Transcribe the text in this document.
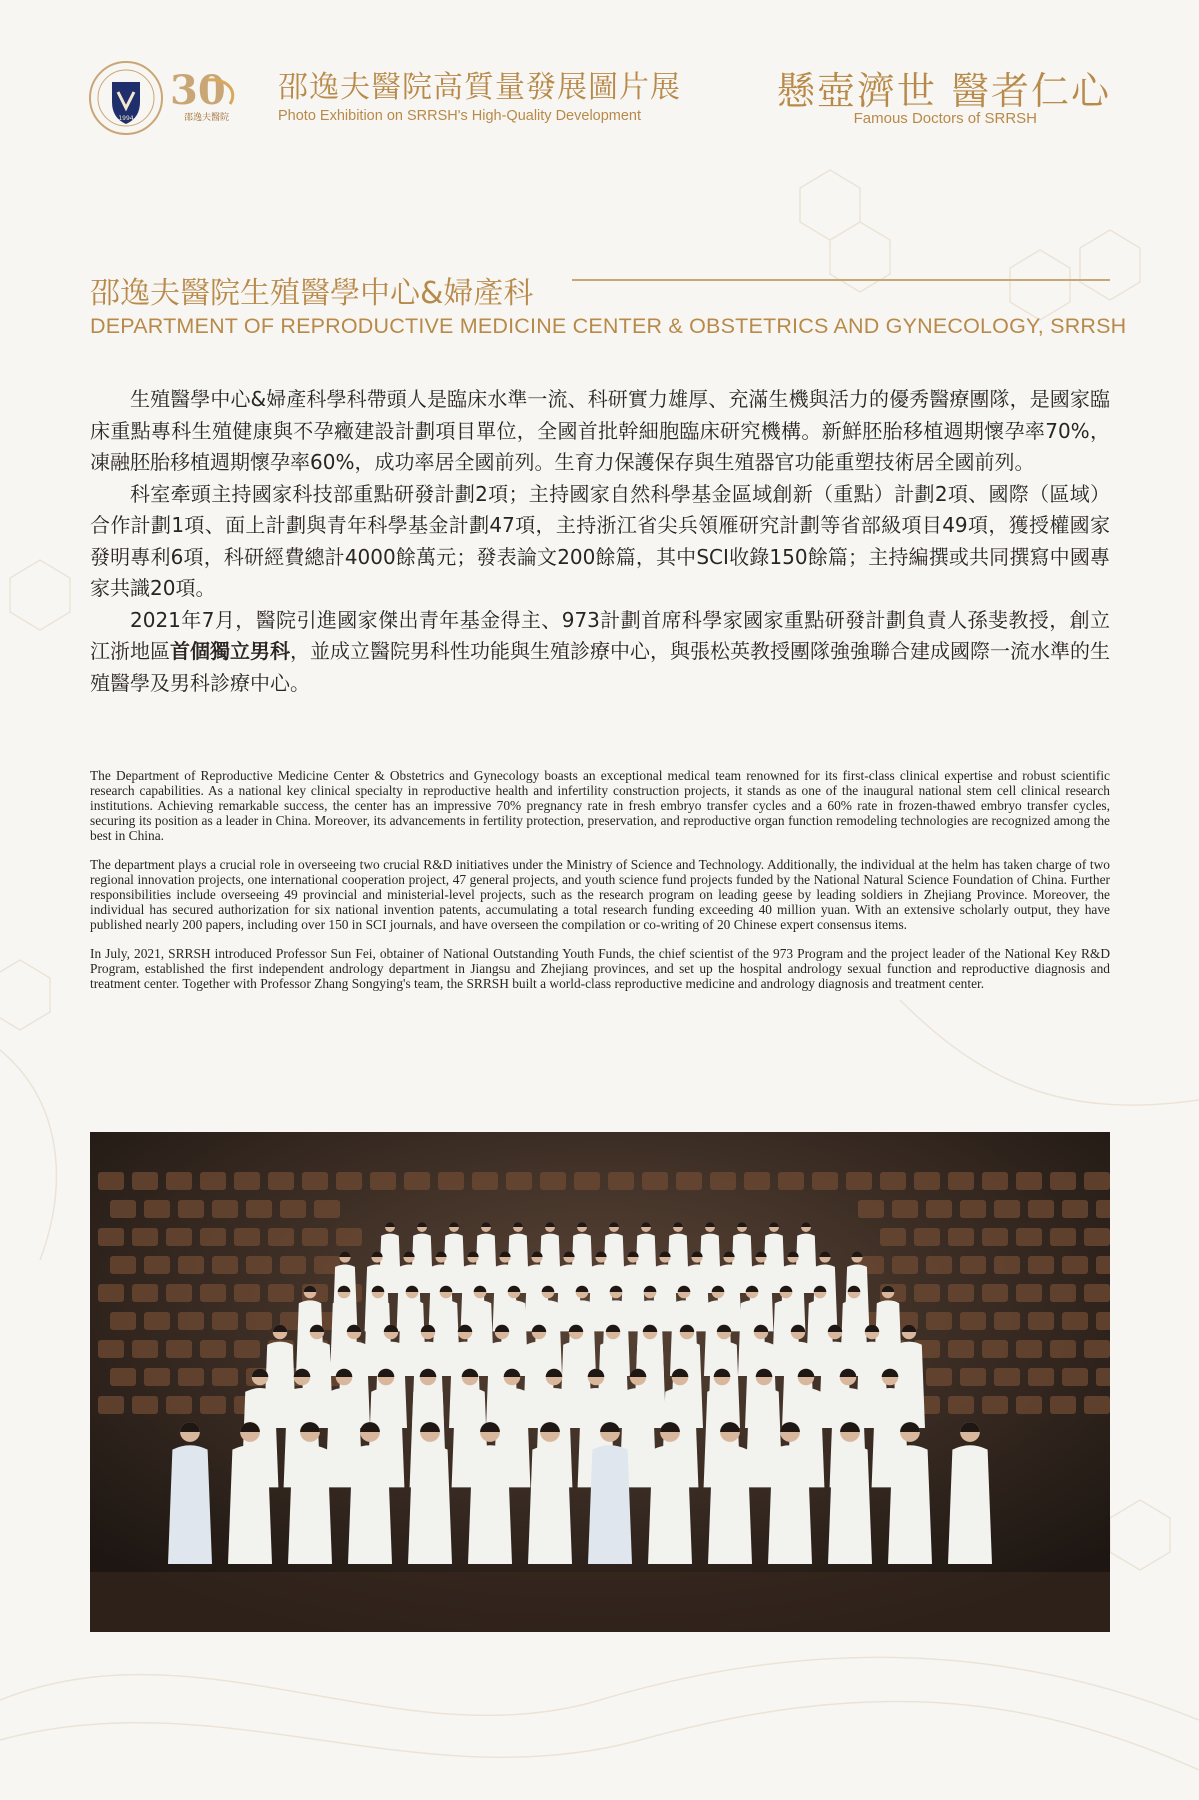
1994
30
邵逸夫醫院
邵逸夫醫院高質量發展圖片展
Photo Exhibition on SRRSH's High-Quality Development
懸壺濟世 醫者仁心
Famous Doctors of SRRSH
邵逸夫醫院生殖醫學中心&婦產科
DEPARTMENT OF REPRODUCTIVE MEDICINE CENTER & OBSTETRICS AND GYNECOLOGY, SRRSH

生殖醫學中心&婦產科學科帶頭人是臨床水準一流、科研實力雄厚、充滿生機與活力的優秀醫療團隊，是國家臨床重點專科生殖健康與不孕癥建設計劃項目單位，全國首批幹細胞臨床研究機構。新鮮胚胎移植週期懷孕率70%，凍融胚胎移植週期懷孕率60%，成功率居全國前列。生育力保護保存與生殖器官功能重塑技術居全國前列。

科室牽頭主持國家科技部重點研發計劃2項；主持國家自然科學基金區域創新（重點）計劃2項、國際（區域）合作計劃1項、面上計劃與青年科學基金計劃47項，主持浙江省尖兵領雁研究計劃等省部級項目49項，獲授權國家發明專利6項，科研經費總計4000餘萬元；發表論文200餘篇，其中SCI收錄150餘篇；主持編撰或共同撰寫中國專家共識20項。

2021年7月，醫院引進國家傑出青年基金得主、973計劃首席科學家國家重點研發計劃負責人孫斐教授，創立江浙地區首個獨立男科，並成立醫院男科性功能與生殖診療中心，與張松英教授團隊強強聯合建成國際一流水準的生殖醫學及男科診療中心。

The Department of Reproductive Medicine Center & Obstetrics and Gynecology boasts an exceptional medical team renowned for its first-class clinical expertise and robust scientific research capabilities. As a national key clinical specialty in reproductive health and infertility construction projects, it stands as one of the inaugural national stem cell clinical research institutions. Achieving remarkable success, the center has an impressive 70% pregnancy rate in fresh embryo transfer cycles and a 60% rate in frozen-thawed embryo transfer cycles, securing its position as a leader in China. Moreover, its advancements in fertility protection, preservation, and reproductive organ function remodeling technologies are recognized among the best in China.

The department plays a crucial role in overseeing two crucial R&D initiatives under the Ministry of Science and Technology. Additionally, the individual at the helm has taken charge of two regional innovation projects, one international cooperation project, 47 general projects, and youth science fund projects funded by the National Natural Science Foundation of China. Further responsibilities include overseeing 49 provincial and ministerial-level projects, such as the research program on leading geese by leading soldiers in Zhejiang Province. Moreover, the individual has secured authorization for six national invention patents, accumulating a total research funding exceeding 40 million yuan. With an extensive scholarly output, they have published nearly 200 papers, including over 150 in SCI journals, and have overseen the compilation or co-writing of 20 Chinese expert consensus items.

In July, 2021, SRRSH introduced Professor Sun Fei, obtainer of National Outstanding Youth Funds, the chief scientist of the 973 Program and the project leader of the National Key R&D Program, established the first independent andrology department in Jiangsu and Zhejiang provinces, and set up the hospital andrology sexual function and reproductive diagnosis and treatment center. Together with Professor Zhang Songying's team, the SRRSH built a world-class reproductive medicine and andrology diagnosis and treatment center.
